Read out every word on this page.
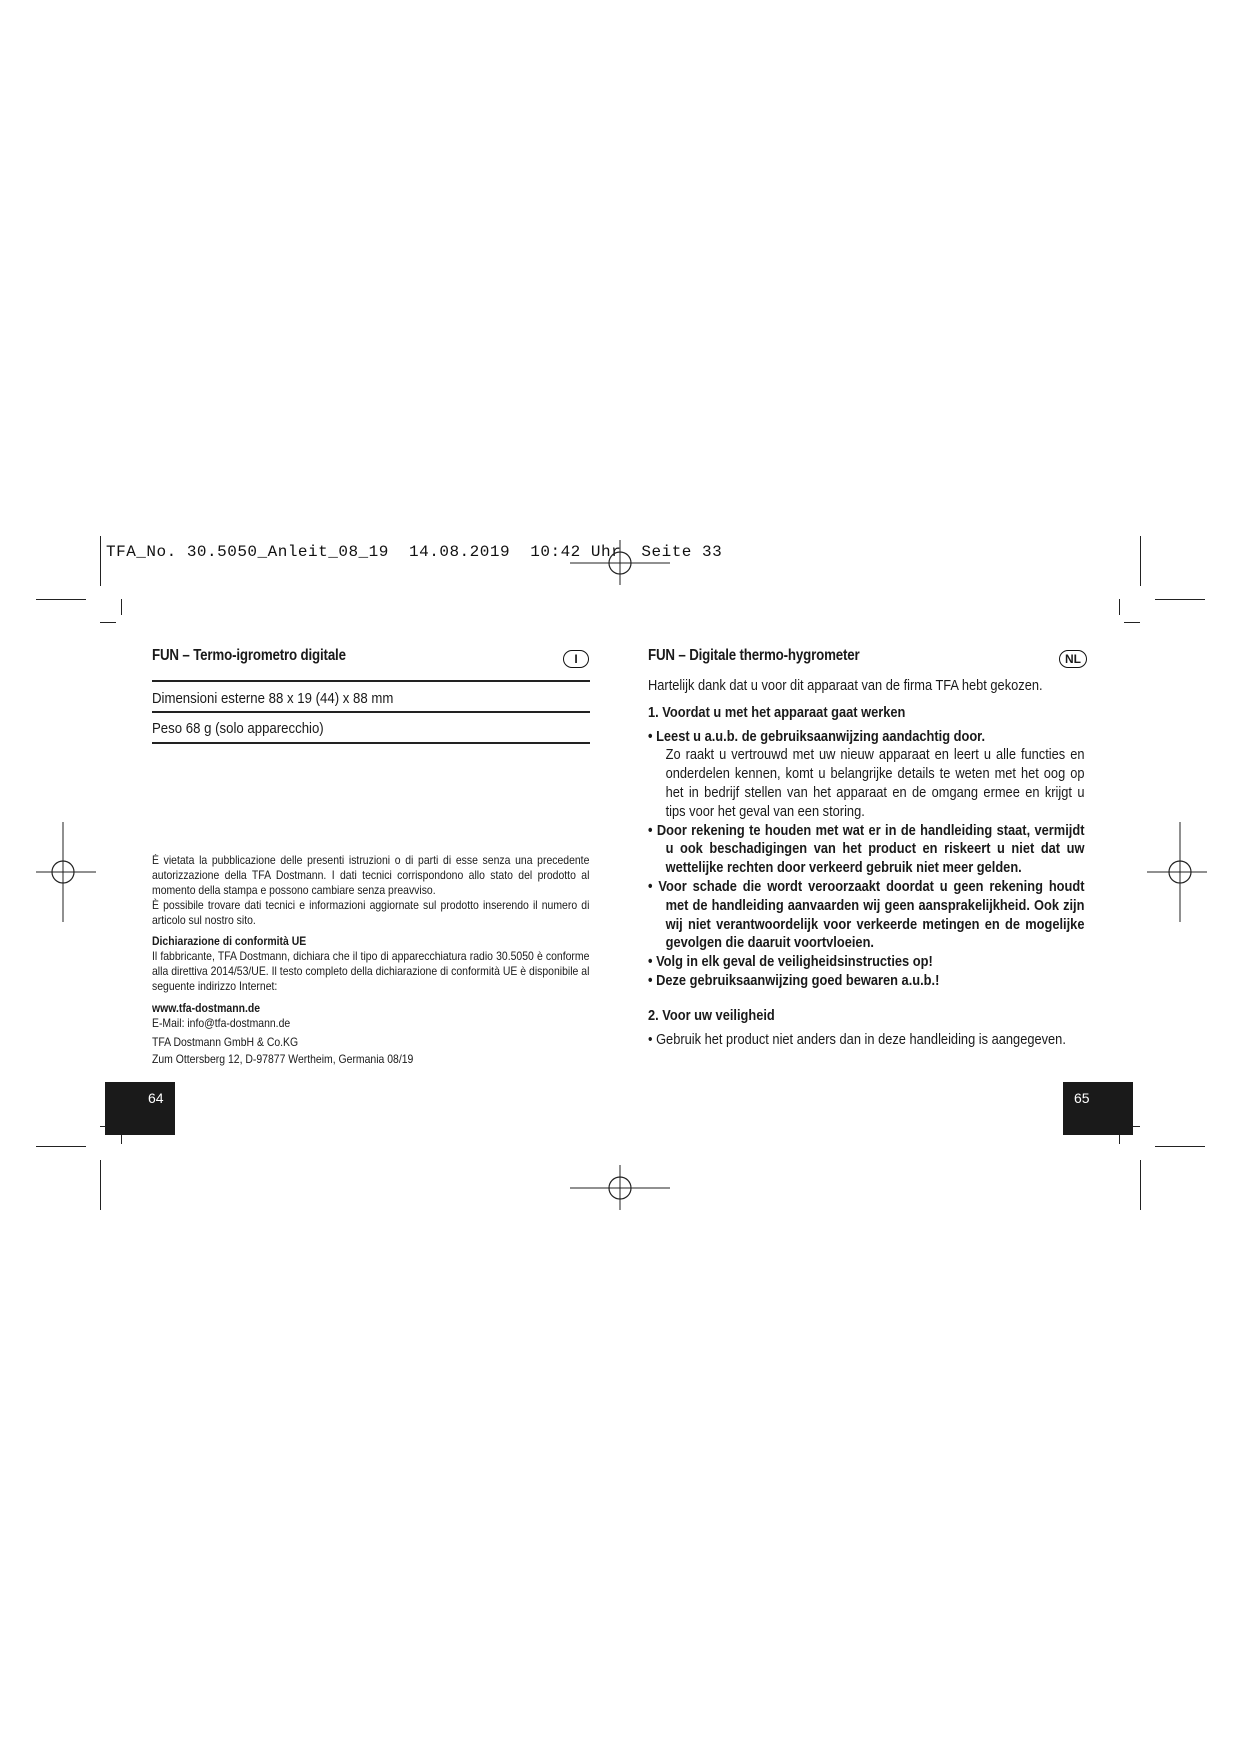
TFA_No. 30.5050_Anleit_08_19 14.08.2019 10:42 Uhr Seite 33
FUN – Termo-igrometro digitale	I
Dimensioni esterne 88 x 19 (44) x 88 mm
Peso 68 g (solo apparecchio)
È vietata la pubblicazione delle presenti istruzioni o di parti di esse senza una precedente autorizzazione della TFA Dostmann. I dati tecnici corrispondono allo stato del prodotto al momento della stampa e possono cambiare senza preavviso.
È possibile trovare dati tecnici e informazioni aggiornate sul prodotto inserendo il numero di articolo sul nostro sito.
Dichiarazione di conformità UE
Il fabbricante, TFA Dostmann, dichiara che il tipo di apparecchiatura radio 30.5050 è conforme alla direttiva 2014/53/UE. Il testo completo della dichiarazione di conformità UE è disponibile al seguente indirizzo Internet:
www.tfa-dostmann.de
E-Mail: info@tfa-dostmann.de
TFA Dostmann GmbH & Co.KG
Zum Ottersberg 12, D-97877 Wertheim, Germania 08/19
64
FUN – Digitale thermo-hygrometer	NL
Hartelijk dank dat u voor dit apparaat van de firma TFA hebt gekozen.
1. Voordat u met het apparaat gaat werken
• Leest u a.u.b. de gebruiksaanwijzing aandachtig door.
Zo raakt u vertrouwd met uw nieuw apparaat en leert u alle functies en onderdelen kennen, komt u belangrijke details te weten met het oog op het in bedrijf stellen van het apparaat en de omgang ermee en krijgt u tips voor het geval van een storing.
• Door rekening te houden met wat er in de handleiding staat, vermijdt u ook beschadigingen van het product en riskeert u niet dat uw wettelijke rechten door verkeerd gebruik niet meer gelden.
• Voor schade die wordt veroorzaakt doordat u geen rekening houdt met de handleiding aanvaarden wij geen aansprakelijkheid. Ook zijn wij niet verantwoordelijk voor verkeerde metingen en de mogelijke gevolgen die daaruit voortvloeien.
• Volg in elk geval de veiligheidsinstructies op!
• Deze gebruiksaanwijzing goed bewaren a.u.b.!
2. Voor uw veiligheid
• Gebruik het product niet anders dan in deze handleiding is aangegeven.
65
